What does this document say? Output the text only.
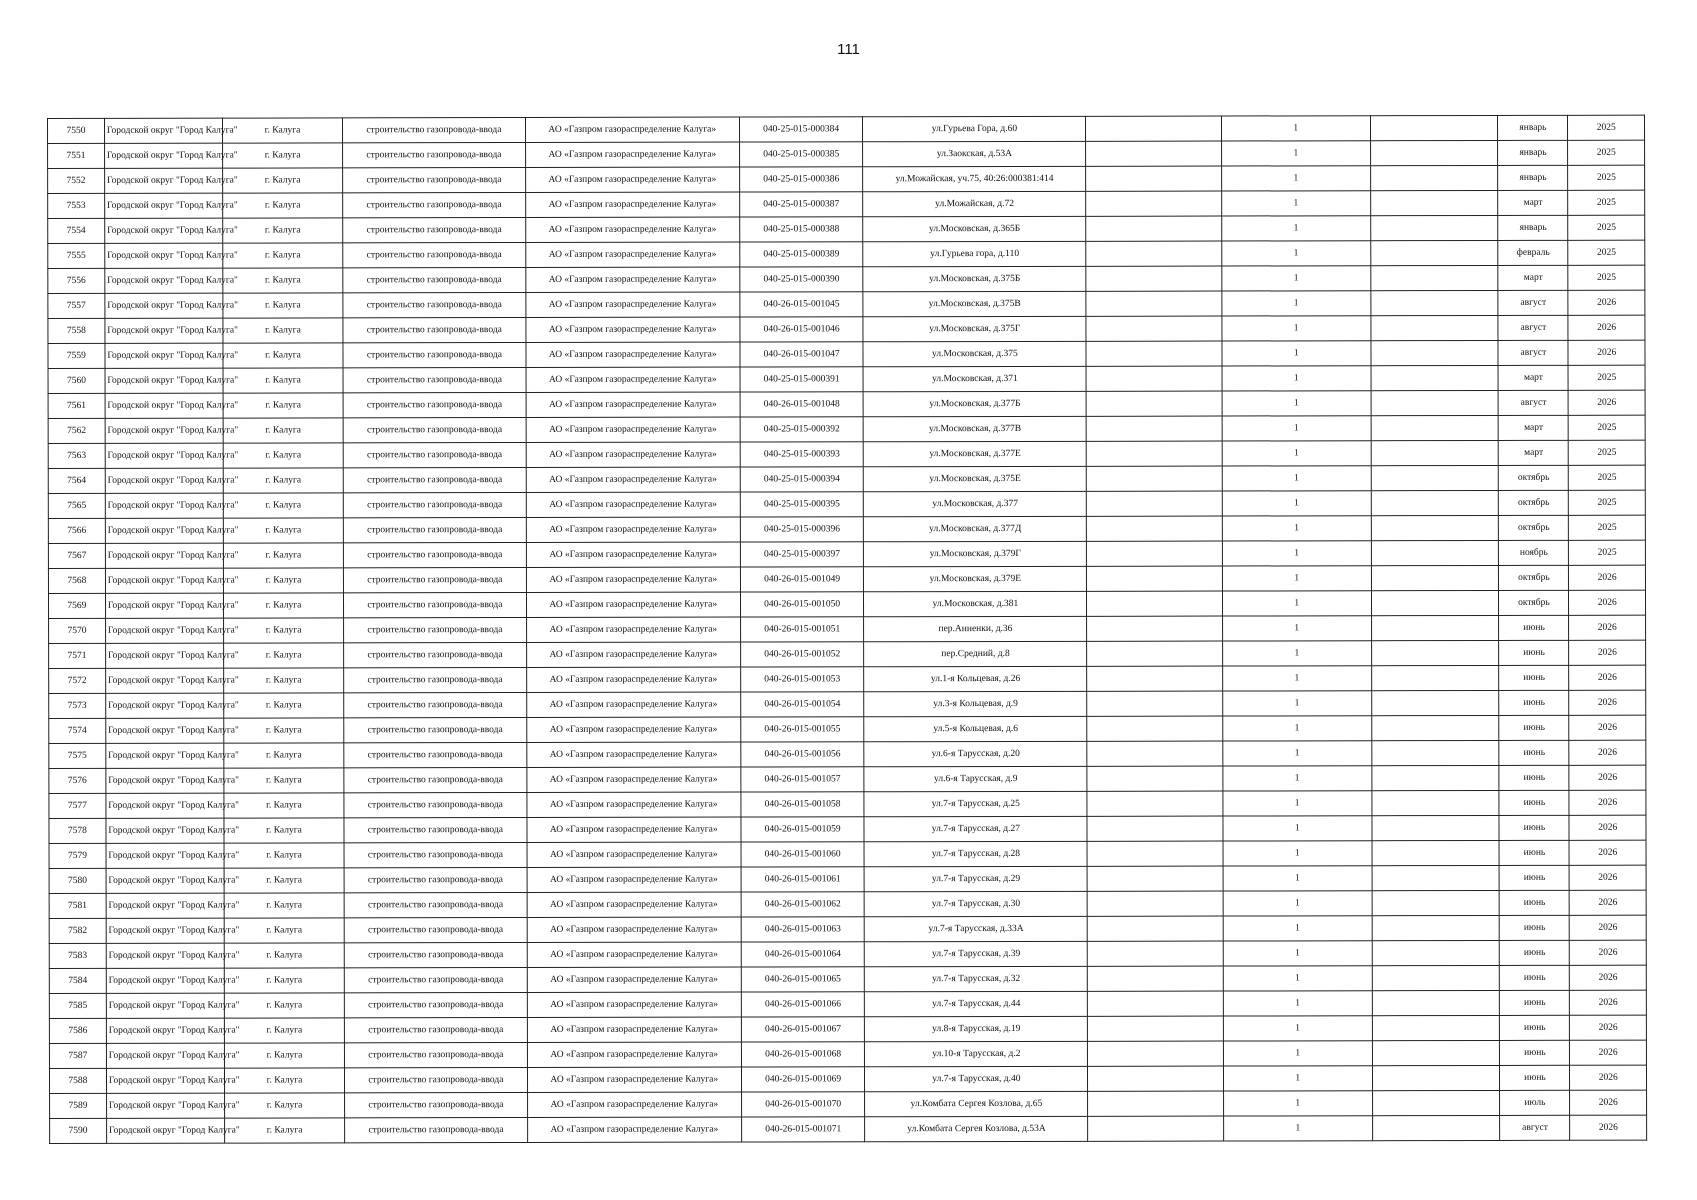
111
7550	Городской округ "Город Калуга"	г. Калуга	строительство газопровода-ввода	АО «Газпром газораспределение Калуга»	040-25-015-000384	ул.Гурьева Гора, д.60		1		январь	2025
7551	Городской округ "Город Калуга"	г. Калуга	строительство газопровода-ввода	АО «Газпром газораспределение Калуга»	040-25-015-000385	ул.Заокская, д.53А		1		январь	2025
7552	Городской округ "Город Калуга"	г. Калуга	строительство газопровода-ввода	АО «Газпром газораспределение Калуга»	040-25-015-000386	ул.Можайская, уч.75, 40:26:000381:414		1		январь	2025
7553	Городской округ "Город Калуга"	г. Калуга	строительство газопровода-ввода	АО «Газпром газораспределение Калуга»	040-25-015-000387	ул.Можайская, д.72		1		март	2025
7554	Городской округ "Город Калуга"	г. Калуга	строительство газопровода-ввода	АО «Газпром газораспределение Калуга»	040-25-015-000388	ул.Московская, д.365Б		1		январь	2025
7555	Городской округ "Город Калуга"	г. Калуга	строительство газопровода-ввода	АО «Газпром газораспределение Калуга»	040-25-015-000389	ул.Гурьева гора, д.110		1		февраль	2025
7556	Городской округ "Город Калуга"	г. Калуга	строительство газопровода-ввода	АО «Газпром газораспределение Калуга»	040-25-015-000390	ул.Московская, д.375Б		1		март	2025
7557	Городской округ "Город Калуга"	г. Калуга	строительство газопровода-ввода	АО «Газпром газораспределение Калуга»	040-26-015-001045	ул.Московская, д.375В		1		август	2026
7558	Городской округ "Город Калуга"	г. Калуга	строительство газопровода-ввода	АО «Газпром газораспределение Калуга»	040-26-015-001046	ул.Московская, д.375Г		1		август	2026
7559	Городской округ "Город Калуга"	г. Калуга	строительство газопровода-ввода	АО «Газпром газораспределение Калуга»	040-26-015-001047	ул.Московская, д.375		1		август	2026
7560	Городской округ "Город Калуга"	г. Калуга	строительство газопровода-ввода	АО «Газпром газораспределение Калуга»	040-25-015-000391	ул.Московская, д.371		1		март	2025
7561	Городской округ "Город Калуга"	г. Калуга	строительство газопровода-ввода	АО «Газпром газораспределение Калуга»	040-26-015-001048	ул.Московская, д.377Б		1		август	2026
7562	Городской округ "Город Калуга"	г. Калуга	строительство газопровода-ввода	АО «Газпром газораспределение Калуга»	040-25-015-000392	ул.Московская, д.377В		1		март	2025
7563	Городской округ "Город Калуга"	г. Калуга	строительство газопровода-ввода	АО «Газпром газораспределение Калуга»	040-25-015-000393	ул.Московская, д.377Е		1		март	2025
7564	Городской округ "Город Калуга"	г. Калуга	строительство газопровода-ввода	АО «Газпром газораспределение Калуга»	040-25-015-000394	ул.Московская, д.375Е		1		октябрь	2025
7565	Городской округ "Город Калуга"	г. Калуга	строительство газопровода-ввода	АО «Газпром газораспределение Калуга»	040-25-015-000395	ул.Московская, д.377		1		октябрь	2025
7566	Городской округ "Город Калуга"	г. Калуга	строительство газопровода-ввода	АО «Газпром газораспределение Калуга»	040-25-015-000396	ул.Московская, д.377Д		1		октябрь	2025
7567	Городской округ "Город Калуга"	г. Калуга	строительство газопровода-ввода	АО «Газпром газораспределение Калуга»	040-25-015-000397	ул.Московская, д.379Г		1		ноябрь	2025
7568	Городской округ "Город Калуга"	г. Калуга	строительство газопровода-ввода	АО «Газпром газораспределение Калуга»	040-26-015-001049	ул.Московская, д.379Е		1		октябрь	2026
7569	Городской округ "Город Калуга"	г. Калуга	строительство газопровода-ввода	АО «Газпром газораспределение Калуга»	040-26-015-001050	ул.Московская, д.381		1		октябрь	2026
7570	Городской округ "Город Калуга"	г. Калуга	строительство газопровода-ввода	АО «Газпром газораспределение Калуга»	040-26-015-001051	пер.Анненки, д.36		1		июнь	2026
7571	Городской округ "Город Калуга"	г. Калуга	строительство газопровода-ввода	АО «Газпром газораспределение Калуга»	040-26-015-001052	пер.Средний, д.8		1		июнь	2026
7572	Городской округ "Город Калуга"	г. Калуга	строительство газопровода-ввода	АО «Газпром газораспределение Калуга»	040-26-015-001053	ул.1-я Кольцевая, д.26		1		июнь	2026
7573	Городской округ "Город Калуга"	г. Калуга	строительство газопровода-ввода	АО «Газпром газораспределение Калуга»	040-26-015-001054	ул.3-я Кольцевая, д.9		1		июнь	2026
7574	Городской округ "Город Калуга"	г. Калуга	строительство газопровода-ввода	АО «Газпром газораспределение Калуга»	040-26-015-001055	ул.5-я Кольцевая, д.6		1		июнь	2026
7575	Городской округ "Город Калуга"	г. Калуга	строительство газопровода-ввода	АО «Газпром газораспределение Калуга»	040-26-015-001056	ул.6-я Тарусская, д.20		1		июнь	2026
7576	Городской округ "Город Калуга"	г. Калуга	строительство газопровода-ввода	АО «Газпром газораспределение Калуга»	040-26-015-001057	ул.6-я Тарусская, д.9		1		июнь	2026
7577	Городской округ "Город Калуга"	г. Калуга	строительство газопровода-ввода	АО «Газпром газораспределение Калуга»	040-26-015-001058	ул.7-я Тарусская, д.25		1		июнь	2026
7578	Городской округ "Город Калуга"	г. Калуга	строительство газопровода-ввода	АО «Газпром газораспределение Калуга»	040-26-015-001059	ул.7-я Тарусская, д.27		1		июнь	2026
7579	Городской округ "Город Калуга"	г. Калуга	строительство газопровода-ввода	АО «Газпром газораспределение Калуга»	040-26-015-001060	ул.7-я Тарусская, д.28		1		июнь	2026
7580	Городской округ "Город Калуга"	г. Калуга	строительство газопровода-ввода	АО «Газпром газораспределение Калуга»	040-26-015-001061	ул.7-я Тарусская, д.29		1		июнь	2026
7581	Городской округ "Город Калуга"	г. Калуга	строительство газопровода-ввода	АО «Газпром газораспределение Калуга»	040-26-015-001062	ул.7-я Тарусская, д.30		1		июнь	2026
7582	Городской округ "Город Калуга"	г. Калуга	строительство газопровода-ввода	АО «Газпром газораспределение Калуга»	040-26-015-001063	ул.7-я Тарусская, д.33А		1		июнь	2026
7583	Городской округ "Город Калуга"	г. Калуга	строительство газопровода-ввода	АО «Газпром газораспределение Калуга»	040-26-015-001064	ул.7-я Тарусская, д.39		1		июнь	2026
7584	Городской округ "Город Калуга"	г. Калуга	строительство газопровода-ввода	АО «Газпром газораспределение Калуга»	040-26-015-001065	ул.7-я Тарусская, д.32		1		июнь	2026
7585	Городской округ "Город Калуга"	г. Калуга	строительство газопровода-ввода	АО «Газпром газораспределение Калуга»	040-26-015-001066	ул.7-я Тарусская, д.44		1		июнь	2026
7586	Городской округ "Город Калуга"	г. Калуга	строительство газопровода-ввода	АО «Газпром газораспределение Калуга»	040-26-015-001067	ул.8-я Тарусская, д.19		1		июнь	2026
7587	Городской округ "Город Калуга"	г. Калуга	строительство газопровода-ввода	АО «Газпром газораспределение Калуга»	040-26-015-001068	ул.10-я Тарусская, д.2		1		июнь	2026
7588	Городской округ "Город Калуга"	г. Калуга	строительство газопровода-ввода	АО «Газпром газораспределение Калуга»	040-26-015-001069	ул.7-я Тарусская, д.40		1		июнь	2026
7589	Городской округ "Город Калуга"	г. Калуга	строительство газопровода-ввода	АО «Газпром газораспределение Калуга»	040-26-015-001070	ул.Комбата Сергея Козлова, д.65		1		июль	2026
7590	Городской округ "Город Калуга"	г. Калуга	строительство газопровода-ввода	АО «Газпром газораспределение Калуга»	040-26-015-001071	ул.Комбата Сергея Козлова, д.53А		1		август	2026
